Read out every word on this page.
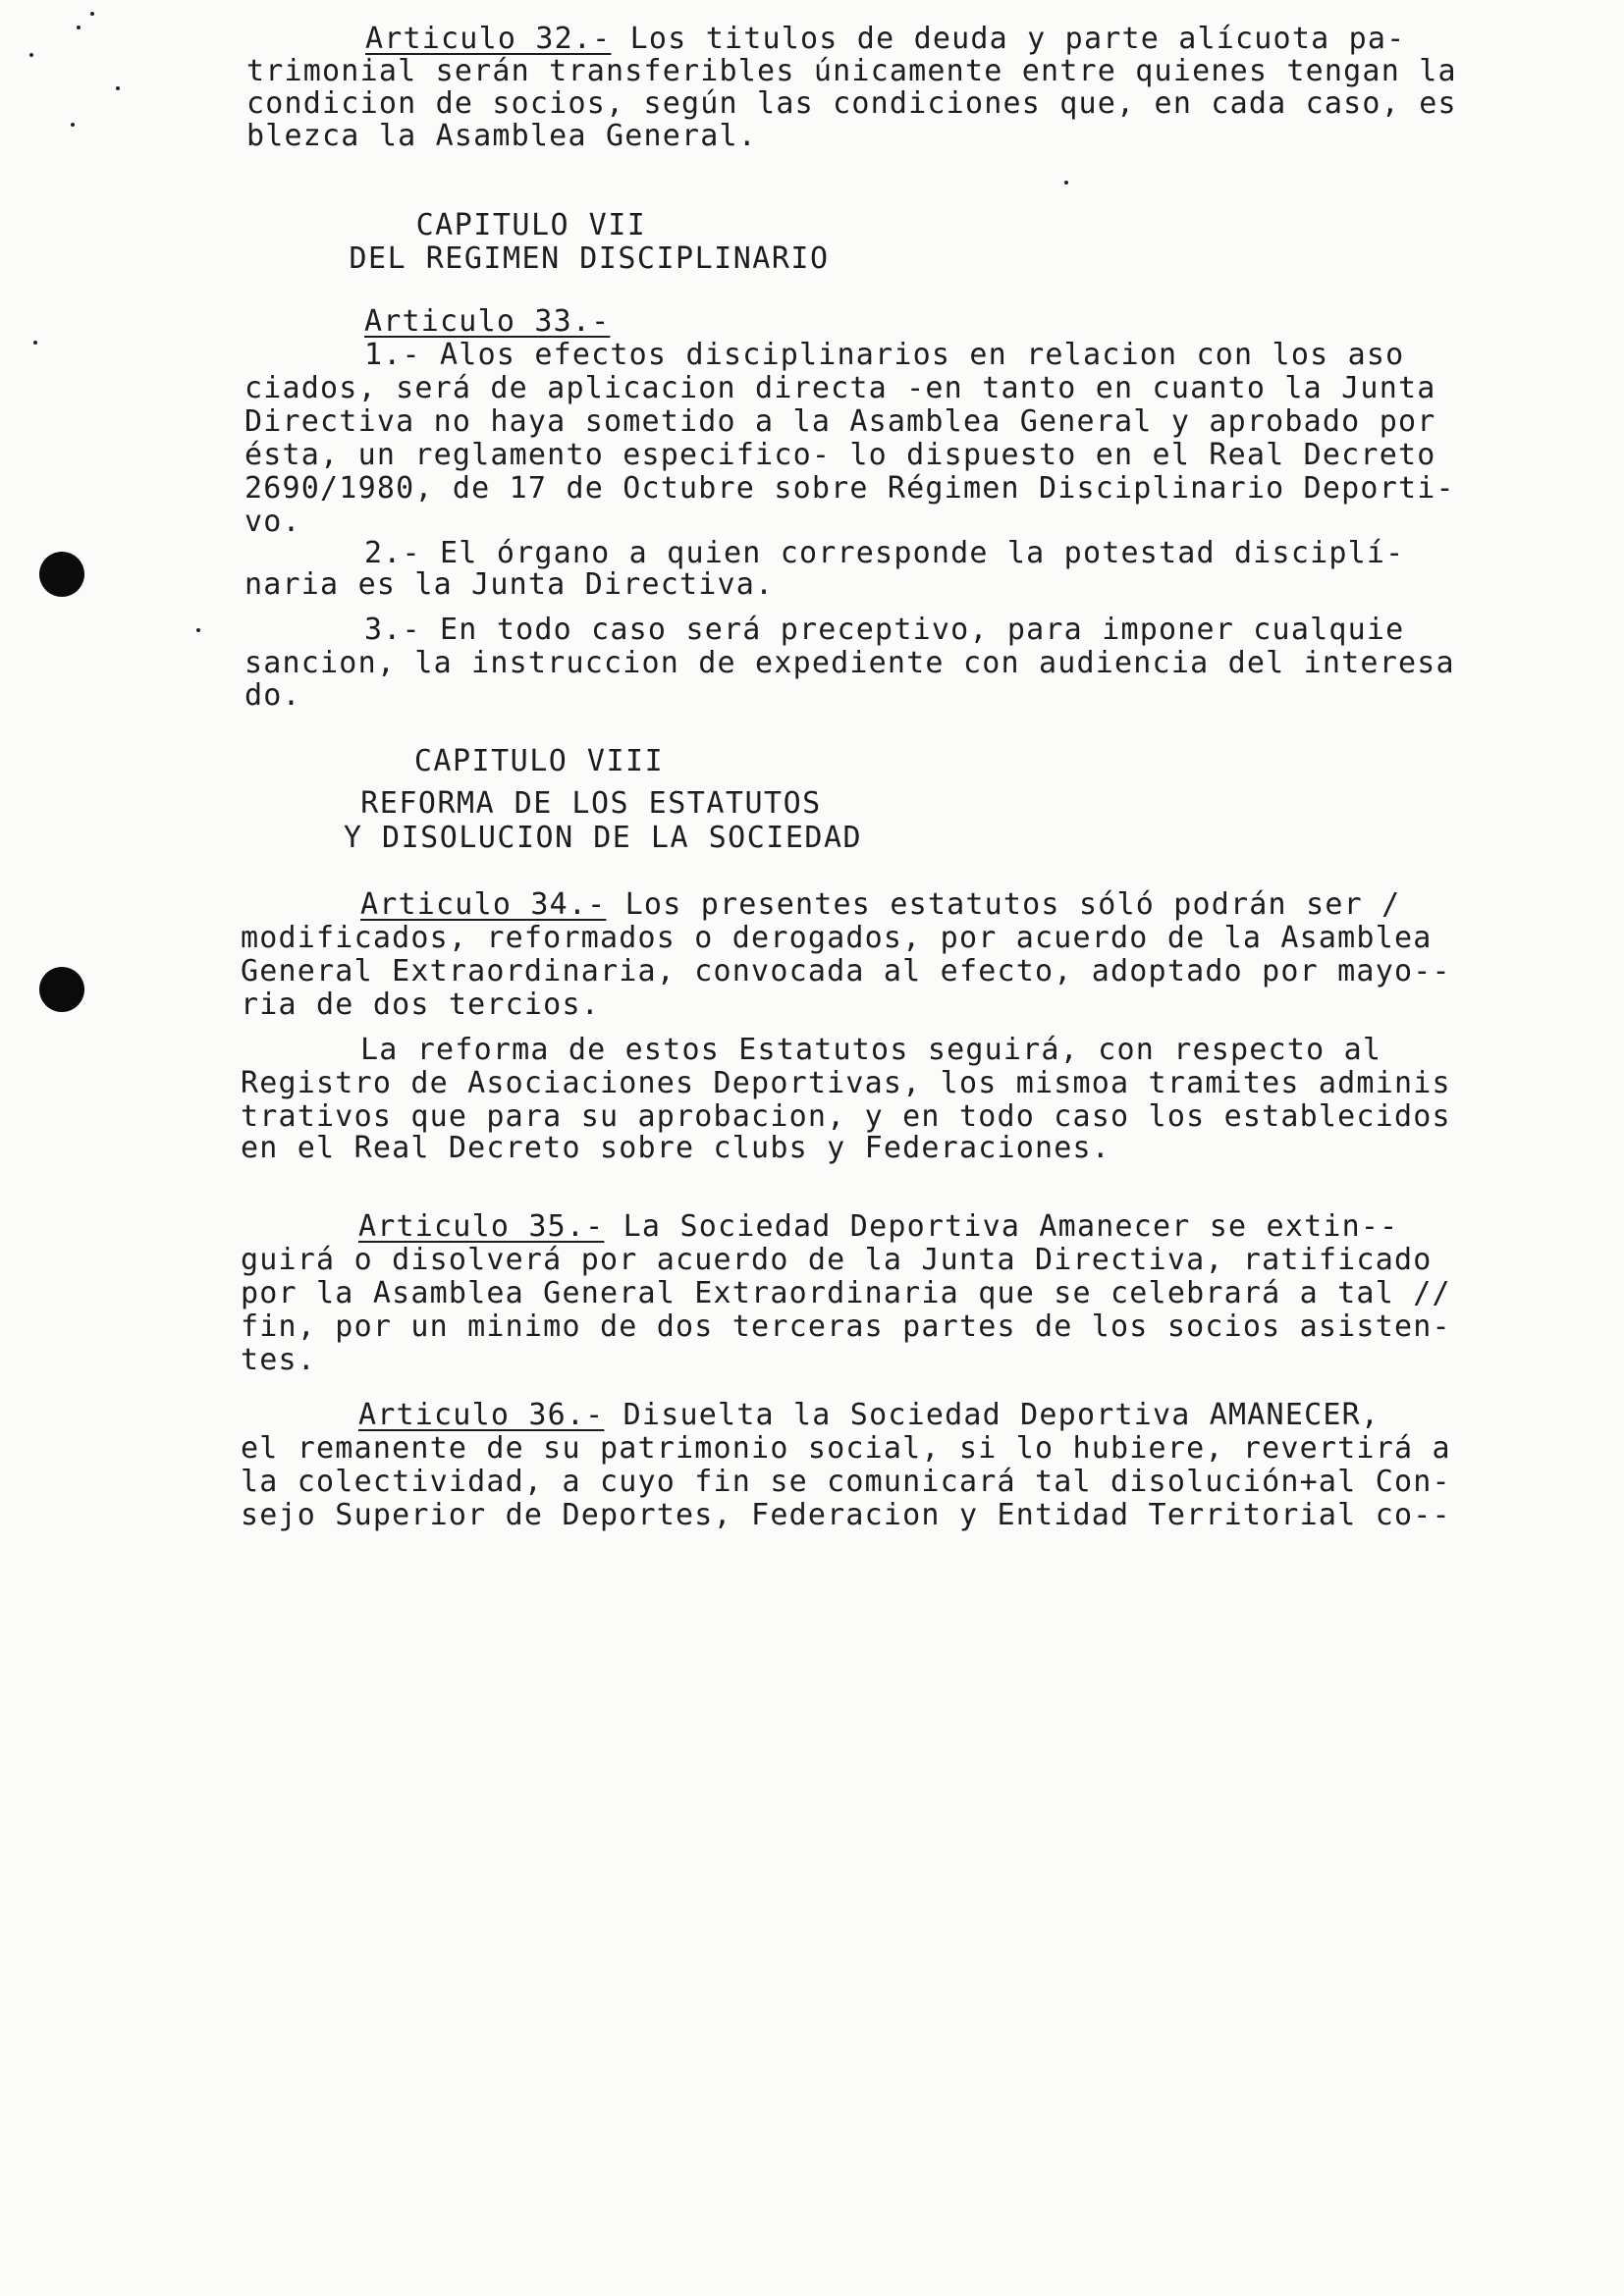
Articulo 32.- Los titulos de deuda y parte alícuota pa-
trimonial serán transferibles únicamente entre quienes tengan la
condicion de socios, según las condiciones que, en cada caso, es
blezca la Asamblea General.
CAPITULO VII
DEL REGIMEN DISCIPLINARIO
Articulo 33.-
1.- Alos efectos disciplinarios en relacion con los aso
ciados, será de aplicacion directa -en tanto en cuanto la Junta
Directiva no haya sometido a la Asamblea General y aprobado por
ésta, un reglamento especifico- lo dispuesto en el Real Decreto
2690/1980, de 17 de Octubre sobre Régimen Disciplinario Deporti-
vo.
2.- El órgano a quien corresponde la potestad disciplí-
naria es la Junta Directiva.
3.- En todo caso será preceptivo, para imponer cualquie
sancion, la instruccion de expediente con audiencia del interesa
do.
CAPITULO VIII
REFORMA DE LOS ESTATUTOS
Y DISOLUCION DE LA SOCIEDAD
Articulo 34.- Los presentes estatutos sóló podrán ser /
modificados, reformados o derogados, por acuerdo de la Asamblea
General Extraordinaria, convocada al efecto, adoptado por mayo--
ria de dos tercios.
La reforma de estos Estatutos seguirá, con respecto al
Registro de Asociaciones Deportivas, los mismoa tramites adminis
trativos que para su aprobacion, y en todo caso los establecidos
en el Real Decreto sobre clubs y Federaciones.
Articulo 35.- La Sociedad Deportiva Amanecer se extin--
guirá o disolverá por acuerdo de la Junta Directiva, ratificado
por la Asamblea General Extraordinaria que se celebrará a tal //
fin, por un minimo de dos terceras partes de los socios asisten-
tes.
Articulo 36.- Disuelta la Sociedad Deportiva AMANECER,
el remanente de su patrimonio social, si lo hubiere, revertirá a
la colectividad, a cuyo fin se comunicará tal disolución+al Con-
sejo Superior de Deportes, Federacion y Entidad Territorial co--
